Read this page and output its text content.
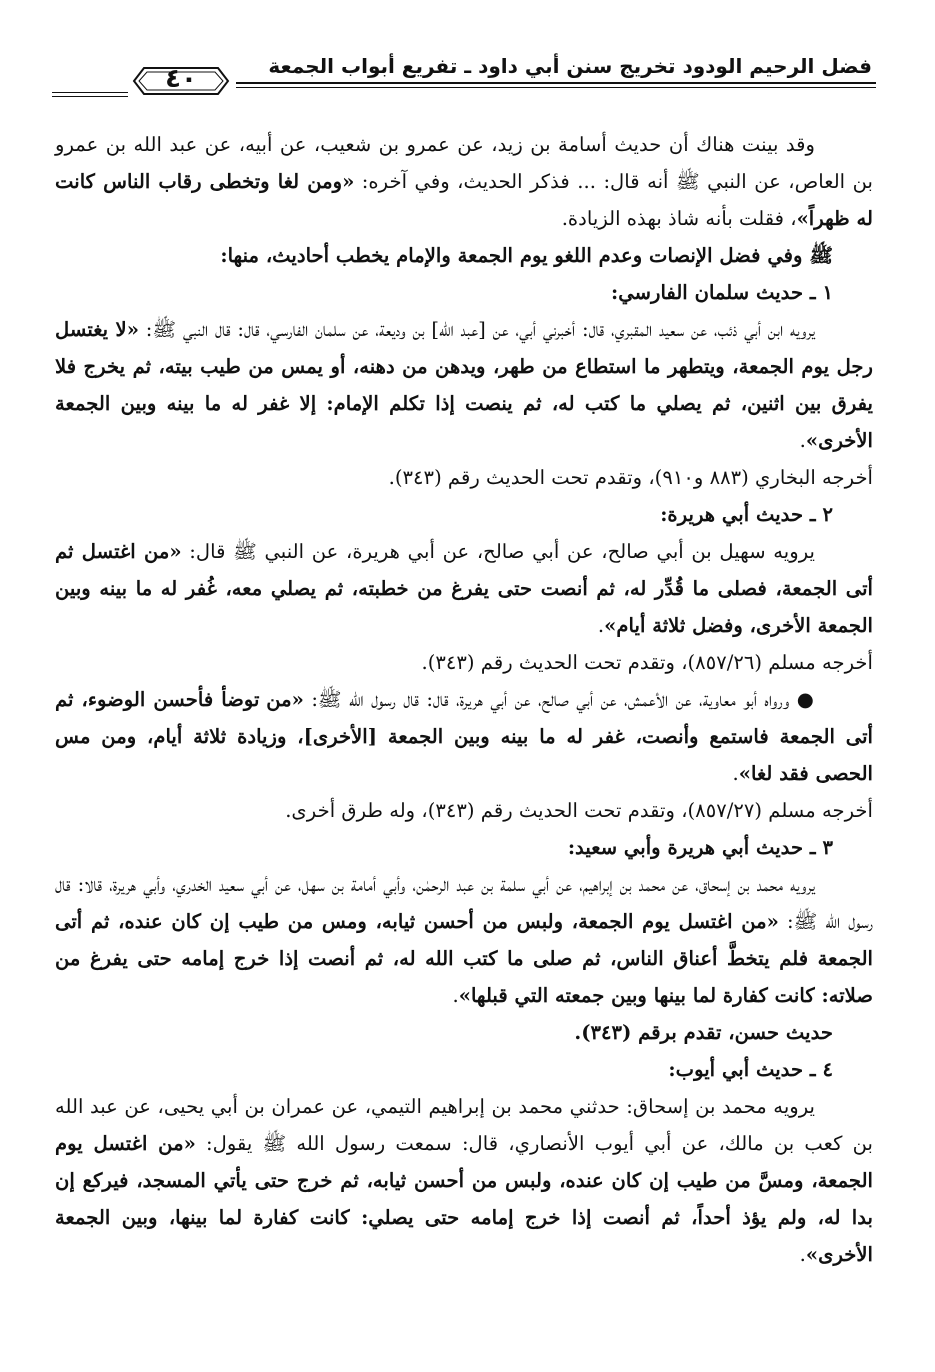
فضل الرحيم الودود تخريج سنن أبي داود ـ تفريع أبواب الجمعة
٤٠

وقد بينت هناك أن حديث أسامة بن زيد، عن عمرو بن شعيب، عن أبيه، عن عبد الله بن عمرو بن العاص، عن النبي ﷺ أنه قال: ... فذكر الحديث، وفي آخره: «ومن لغا وتخطى رقاب الناس كانت له ظهراً»، فقلت بأنه شاذ بهذه الزيادة.

ﷺ وفي فضل الإنصات وعدم اللغو يوم الجمعة والإمام يخطب أحاديث، منها:

١ ـ حديث سلمان الفارسي:

يرويه ابن أبي ذئب، عن سعيد المقبري، قال: أخبرني أبي، عن [عبد الله] بن وديعة، عن سلمان الفارسي، قال: قال النبي ﷺ: «لا يغتسل رجل يوم الجمعة، ويتطهر ما استطاع من طهر، ويدهن من دهنه، أو يمس من طيب بيته، ثم يخرج فلا يفرق بين اثنين، ثم يصلي ما كتب له، ثم ينصت إذا تكلم الإمام: إلا غفر له ما بينه وبين الجمعة الأخرى».

أخرجه البخاري (٨٨٣ و٩١٠)، وتقدم تحت الحديث رقم (٣٤٣).

٢ ـ حديث أبي هريرة:

يرويه سهيل بن أبي صالح، عن أبي صالح، عن أبي هريرة، عن النبي ﷺ قال: «من اغتسل ثم أتى الجمعة، فصلى ما قُدِّر له، ثم أنصت حتى يفرغ من خطبته، ثم يصلي معه، غُفر له ما بينه وبين الجمعة الأخرى، وفضل ثلاثة أيام».

أخرجه مسلم (٨٥٧/٢٦)، وتقدم تحت الحديث رقم (٣٤٣).

● ورواه أبو معاوية، عن الأعمش، عن أبي صالح، عن أبي هريرة، قال: قال رسول الله ﷺ: «من توضأ فأحسن الوضوء، ثم أتى الجمعة فاستمع وأنصت، غفر له ما بينه وبين الجمعة [الأخرى]، وزيادة ثلاثة أيام، ومن مس الحصى فقد لغا».

أخرجه مسلم (٨٥٧/٢٧)، وتقدم تحت الحديث رقم (٣٤٣)، وله طرق أخرى.

٣ ـ حديث أبي هريرة وأبي سعيد:

يرويه محمد بن إسحاق، عن محمد بن إبراهيم، عن أبي سلمة بن عبد الرحمٰن، وأبي أمامة بن سهل، عن أبي سعيد الخدري، وأبي هريرة، قالا: قال رسول الله ﷺ: «من اغتسل يوم الجمعة، ولبس من أحسن ثيابه، ومس من طيب إن كان عنده، ثم أتى الجمعة فلم يتخطَّ أعناق الناس، ثم صلى ما كتب الله له، ثم أنصت إذا خرج إمامه حتى يفرغ من صلاته: كانت كفارة لما بينها وبين جمعته التي قبلها».

حديث حسن، تقدم برقم (٣٤٣).

٤ ـ حديث أبي أيوب:

يرويه محمد بن إسحاق: حدثني محمد بن إبراهيم التيمي، عن عمران بن أبي يحيى، عن عبد الله بن كعب بن مالك، عن أبي أيوب الأنصاري، قال: سمعت رسول الله ﷺ يقول: «من اغتسل يوم الجمعة، ومسَّ من طيب إن كان عنده، ولبس من أحسن ثيابه، ثم خرج حتى يأتي المسجد، فيركع إن بدا له، ولم يؤذ أحداً، ثم أنصت إذا خرج إمامه حتى يصلي: كانت كفارة لما بينها، وبين الجمعة الأخرى».
